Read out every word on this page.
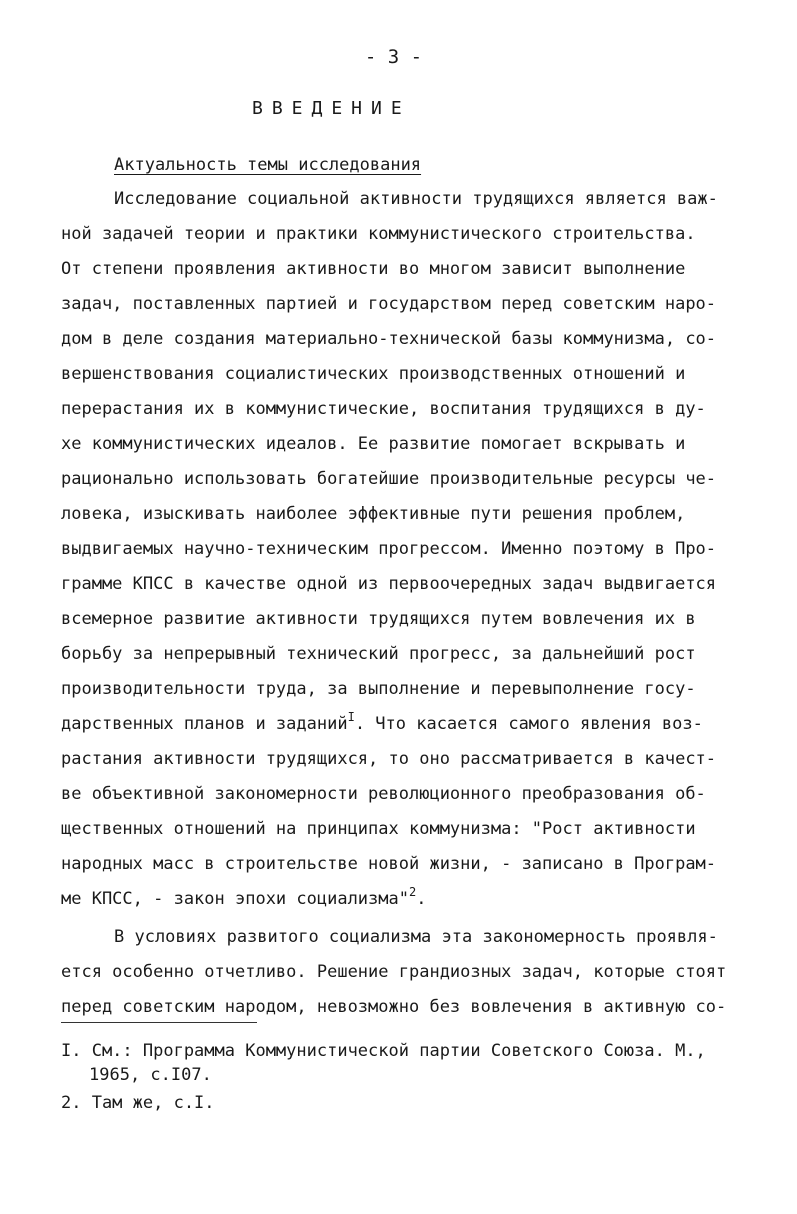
- 3 -
ВВЕДЕНИЕ
Актуальность темы исследования
Исследование социальной активности трудящихся является важ-
ной задачей теории и практики коммунистического строительства.
От степени проявления активности во многом зависит выполнение
задач, поставленных партией и государством перед советским наро-
дом в деле создания материально-технической базы коммунизма, со-
вершенствования социалистических производственных отношений и
перерастания их в коммунистические, воспитания трудящихся в ду-
хе коммунистических идеалов. Ее развитие помогает вскрывать и
рационально использовать богатейшие производительные ресурсы че-
ловека, изыскивать наиболее эффективные пути решения проблем,
выдвигаемых научно-техническим прогрессом. Именно поэтому в Про-
грамме КПСС в качестве одной из первоочередных задач выдвигается
всемерное развитие активности трудящихся путем вовлечения их в
борьбу за непрерывный технический прогресс, за дальнейший рост
производительности труда, за выполнение и перевыполнение госу-
дарственных планов и заданий$^I$. Что касается самого явления воз-
растания активности трудящихся, то оно рассматривается в качест-
ве объективной закономерности революционного преобразования об-
щественных отношений на принципах коммунизма: "Рост активности
народных масс в строительстве новой жизни, - записано в Програм-
ме КПСС, - закон эпохи социализма"$^2$.
В условиях развитого социализма эта закономерность проявля-
ется особенно отчетливо. Решение грандиозных задач, которые стоят
перед советским народом, невозможно без вовлечения в активную со-
I. См.: Программа Коммунистической партии Советского Союза. М.,
1965, с.I07.
2. Там же, с.I.
